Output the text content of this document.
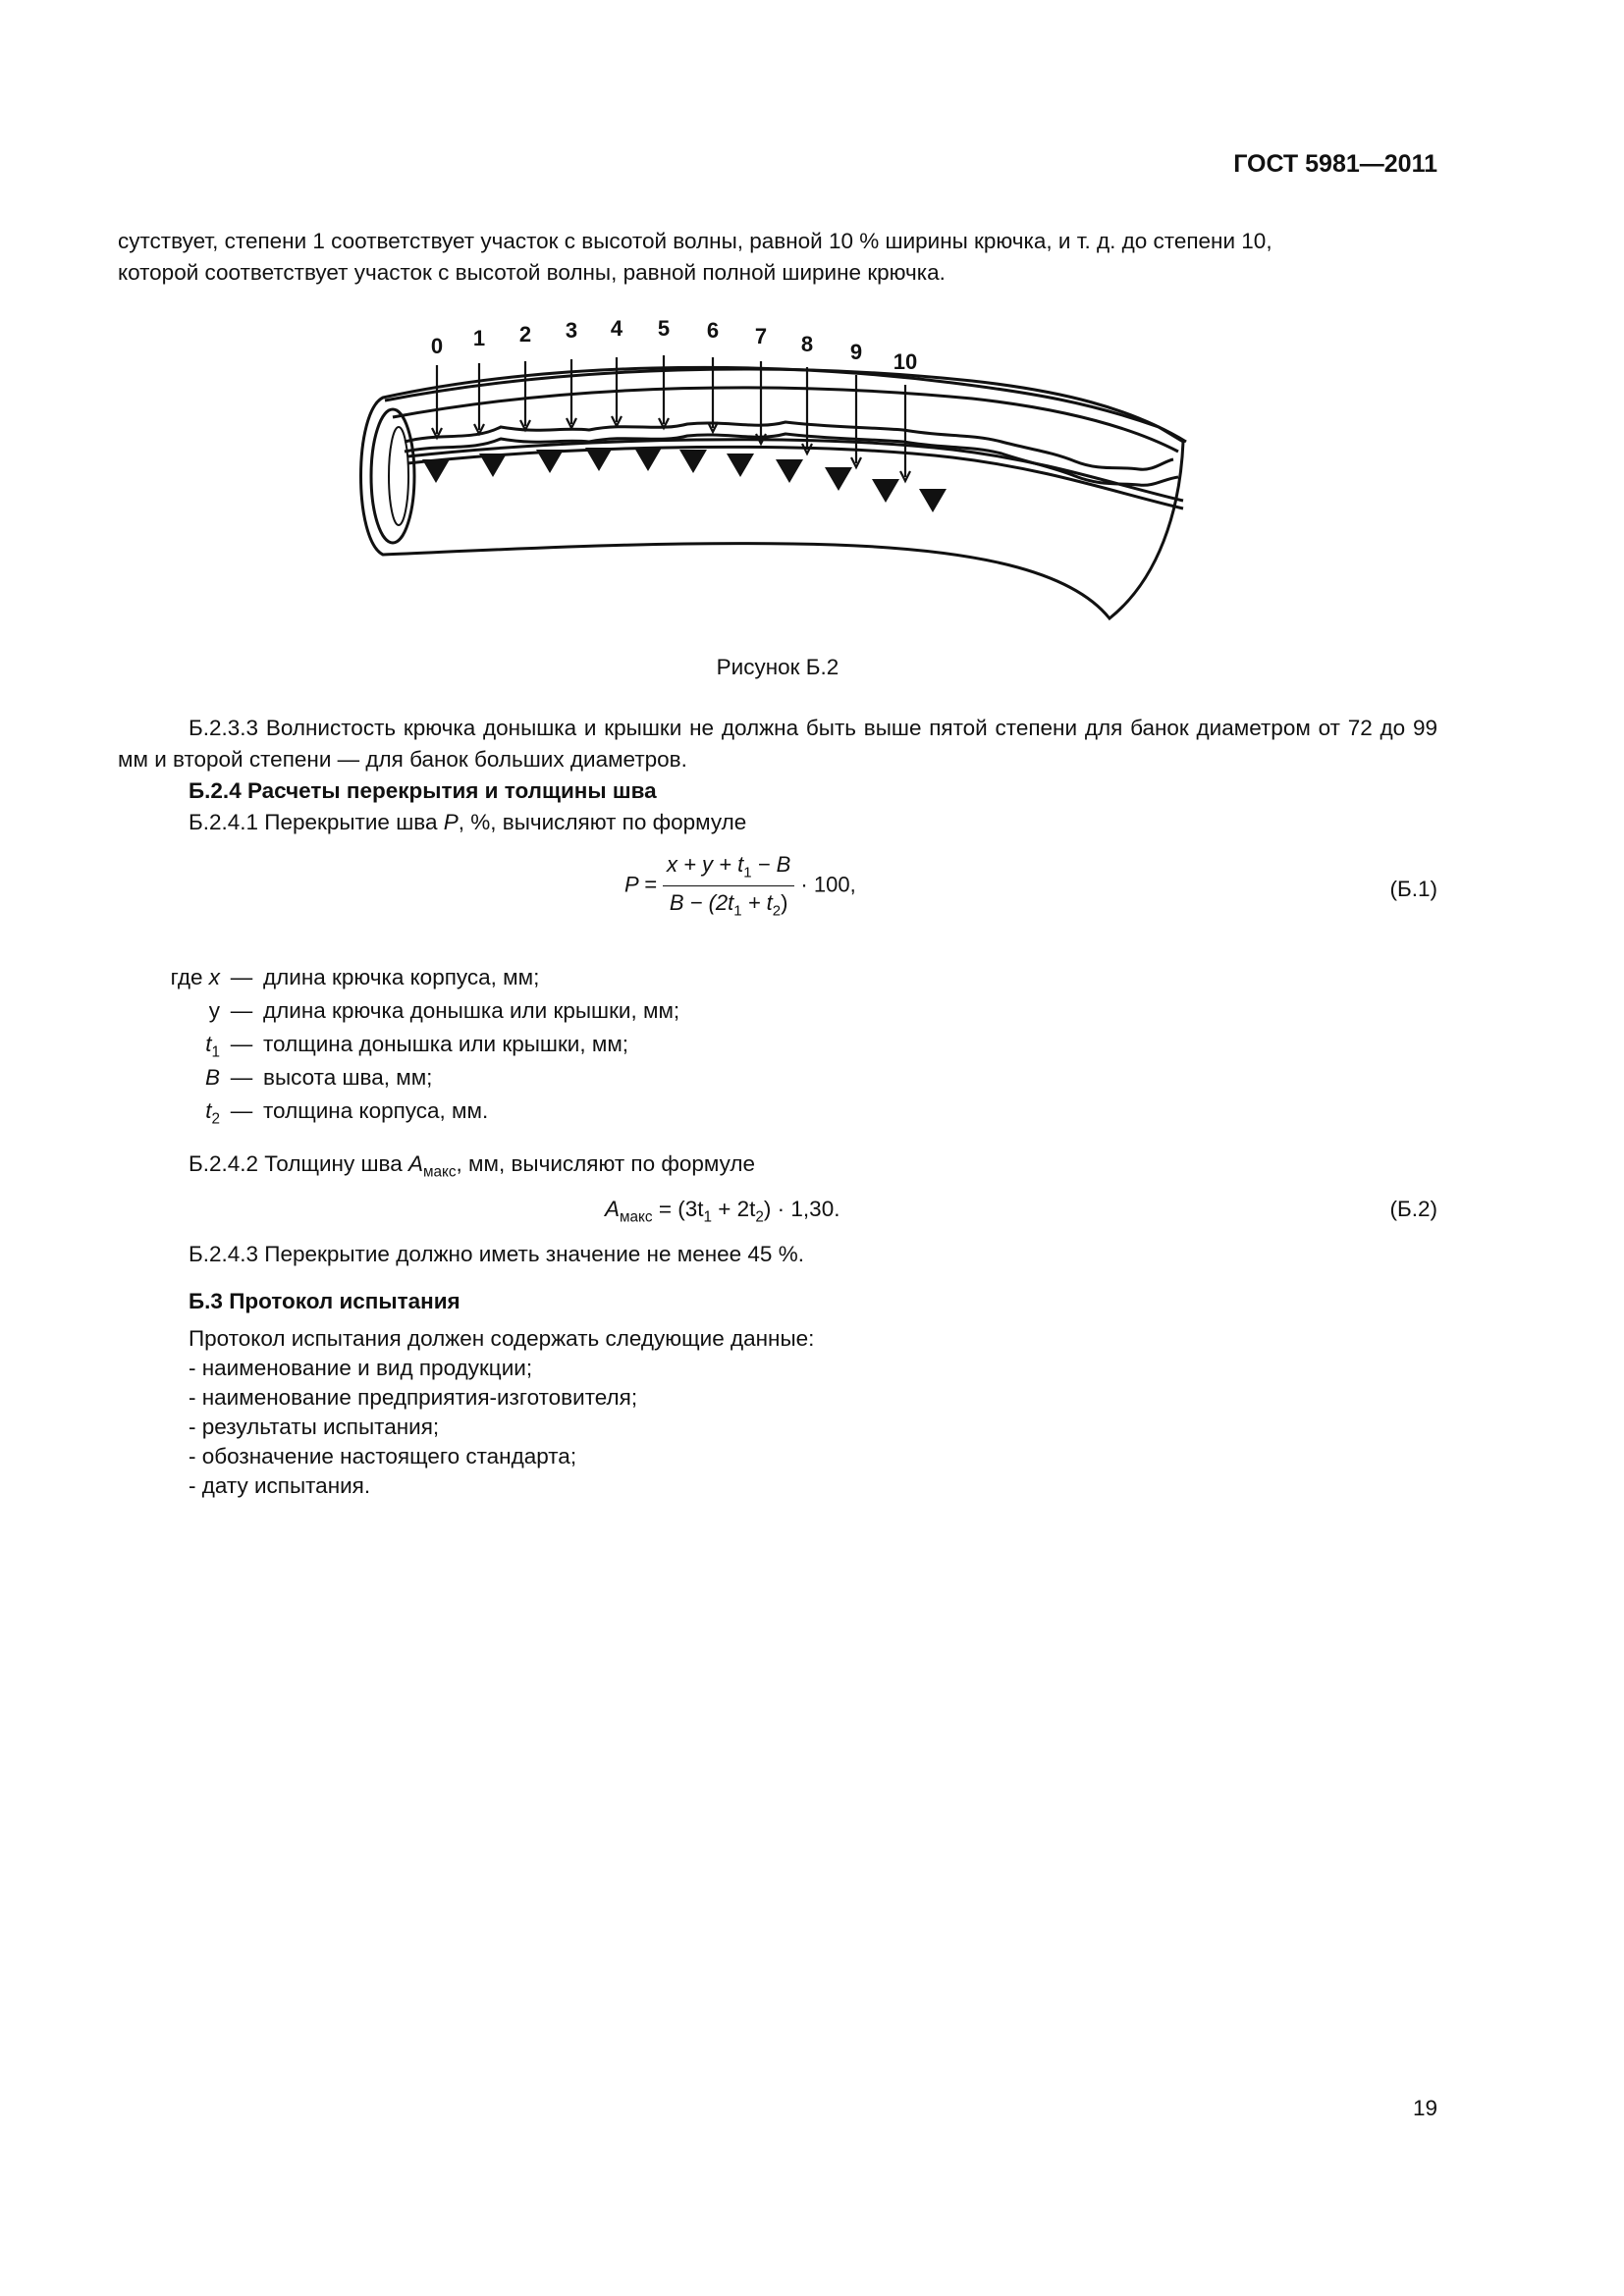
ГОСТ 5981—2011
сутствует, степени 1 соответствует участок с высотой волны, равной 10 % ширины крючка, и т. д. до степени 10,
которой соответствует участок с высотой волны, равной полной ширине крючка.
0 1 2 3 4 5 6 7 8 9 10
Рисунок Б.2
Б.2.3.3 Волнистость крючка донышка и крышки не должна быть выше пятой степени для банок диаметром от 72 до 99 мм и второй степени — для банок больших диаметров.
Б.2.4 Расчеты перекрытия и толщины шва
Б.2.4.1 Перекрытие шва P, %, вычисляют по формуле
$P = \frac{x + y + t_1 - B}{B - (2t_1 + t_2)} \cdot 100$,	(Б.1)
где x — длина крючка корпуса, мм;
y — длина крючка донышка или крышки, мм;
$t_1$ — толщина донышка или крышки, мм;
B — высота шва, мм;
$t_2$ — толщина корпуса, мм.
Б.2.4.2 Толщину шва $A_{макс}$, мм, вычисляют по формуле
$A_{макс} = (3t_1 + 2t_2) \cdot 1,30$.	(Б.2)
Б.2.4.3 Перекрытие должно иметь значение не менее 45 %.
Б.3 Протокол испытания
Протокол испытания должен содержать следующие данные:
- наименование и вид продукции;
- наименование предприятия-изготовителя;
- результаты испытания;
- обозначение настоящего стандарта;
- дату испытания.
19
